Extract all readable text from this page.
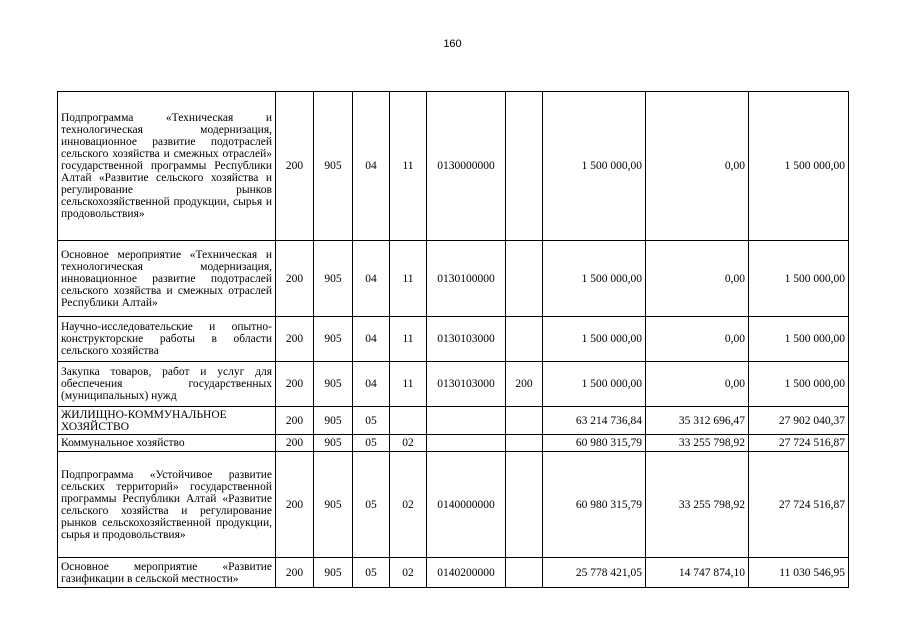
160
Подпрограмма «Техническая и технологическая модернизация, инновационное развитие подотраслей сельского хозяйства и смежных отраслей» государственной программы Республики Алтай «Развитие сельского хозяйства и регулирование рынков сельскохозяйственной продукции, сырья и продовольствия»	200	905	04	11	0130000000		1 500 000,00	0,00	1 500 000,00
Основное мероприятие «Техническая и технологическая модернизация, инновационное развитие подотраслей сельского хозяйства и смежных отраслей Республики Алтай»	200	905	04	11	0130100000		1 500 000,00	0,00	1 500 000,00
Научно-исследовательские и опытно-конструкторские работы в области сельского хозяйства	200	905	04	11	0130103000		1 500 000,00	0,00	1 500 000,00
Закупка товаров, работ и услуг для обеспечения государственных (муниципальных) нужд	200	905	04	11	0130103000	200	1 500 000,00	0,00	1 500 000,00
ЖИЛИЩНО-КОММУНАЛЬНОЕ ХОЗЯЙСТВО	200	905	05				63 214 736,84	35 312 696,47	27 902 040,37
Коммунальное хозяйство	200	905	05	02			60 980 315,79	33 255 798,92	27 724 516,87
Подпрограмма «Устойчивое развитие сельских территорий» государственной программы Республики Алтай «Развитие сельского хозяйства и регулирование рынков сельскохозяйственной продукции, сырья и продовольствия»	200	905	05	02	0140000000		60 980 315,79	33 255 798,92	27 724 516,87
Основное мероприятие «Развитие газификации в сельской местности»	200	905	05	02	0140200000		25 778 421,05	14 747 874,10	11 030 546,95
